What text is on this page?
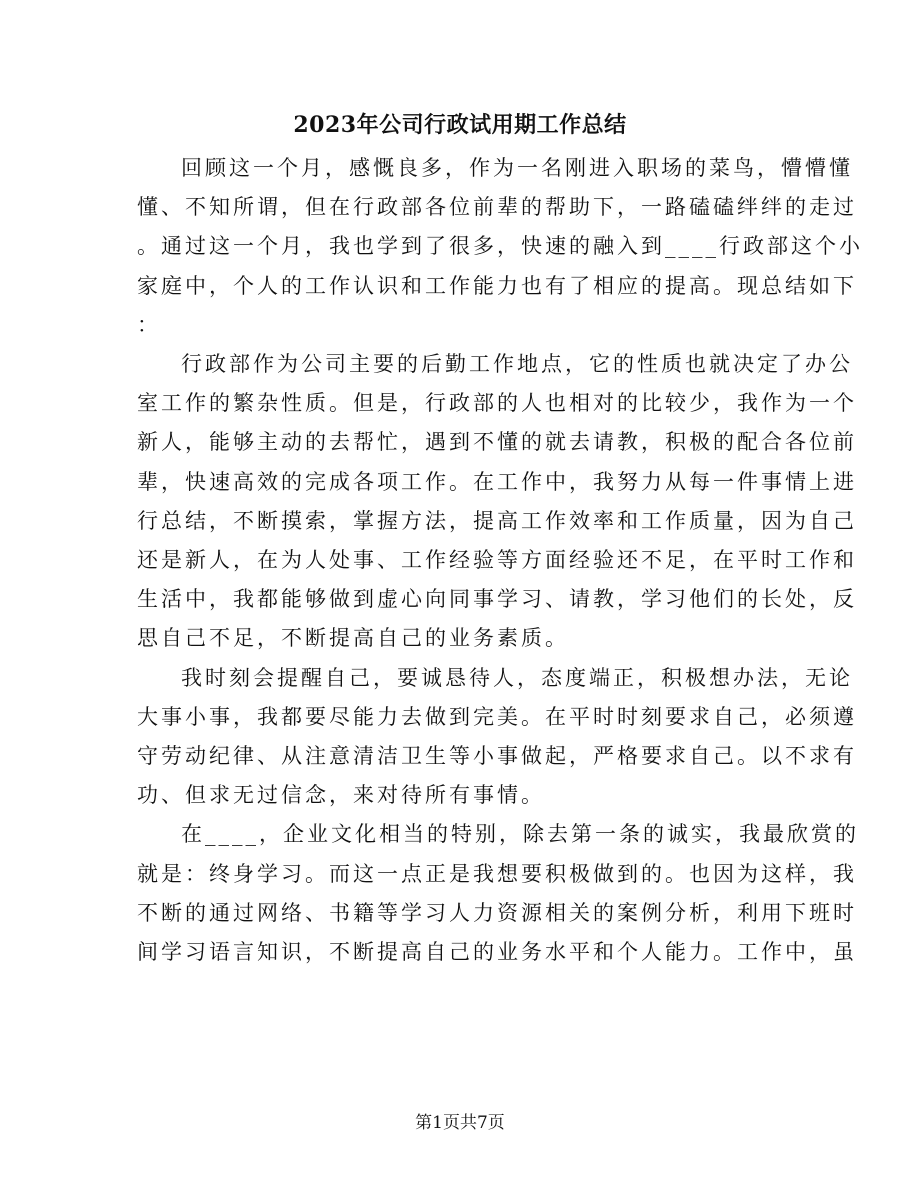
2023年公司行政试用期工作总结

回顾这一个月，感慨良多，作为一名刚进入职场的菜鸟，懵懵懂
懂、不知所谓，但在行政部各位前辈的帮助下，一路磕磕绊绊的走过
。通过这一个月，我也学到了很多，快速的融入到____行政部这个小
家庭中，个人的工作认识和工作能力也有了相应的提高。现总结如下
：

行政部作为公司主要的后勤工作地点，它的性质也就决定了办公
室工作的繁杂性质。但是，行政部的人也相对的比较少，我作为一个
新人，能够主动的去帮忙，遇到不懂的就去请教，积极的配合各位前
辈，快速高效的完成各项工作。在工作中，我努力从每一件事情上进
行总结，不断摸索，掌握方法，提高工作效率和工作质量，因为自己
还是新人，在为人处事、工作经验等方面经验还不足，在平时工作和
生活中，我都能够做到虚心向同事学习、请教，学习他们的长处，反
思自己不足，不断提高自己的业务素质。

我时刻会提醒自己，要诚恳待人，态度端正，积极想办法，无论
大事小事，我都要尽能力去做到完美。在平时时刻要求自己，必须遵
守劳动纪律、从注意清洁卫生等小事做起，严格要求自己。以不求有
功、但求无过信念，来对待所有事情。

在____，企业文化相当的特别，除去第一条的诚实，我最欣赏的
就是：终身学习。而这一点正是我想要积极做到的。也因为这样，我
不断的通过网络、书籍等学习人力资源相关的案例分析，利用下班时
间学习语言知识，不断提高自己的业务水平和个人能力。工作中，虽

第1页共7页
